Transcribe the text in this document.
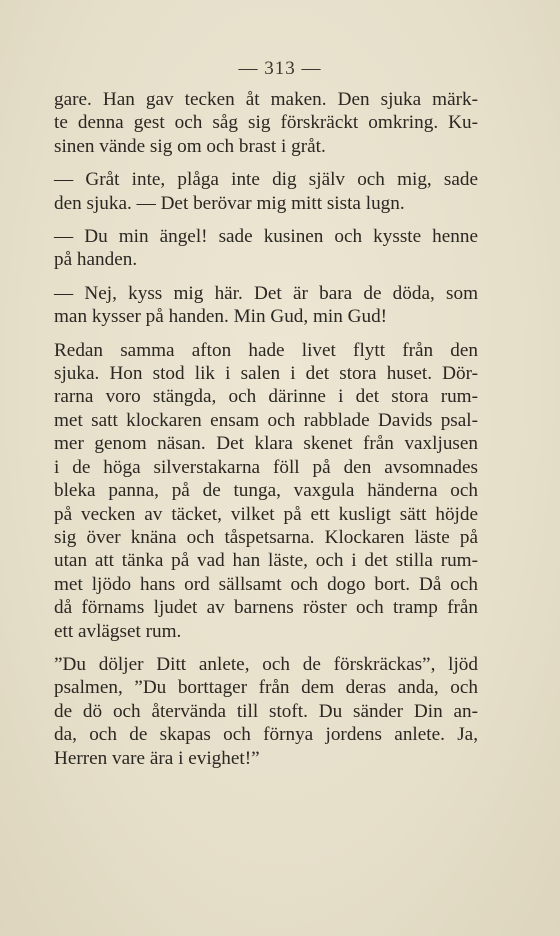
— 313 —
gare. Han gav tecken åt maken. Den sjuka märk-
te denna gest och såg sig förskräckt omkring. Ku-
sinen vände sig om och brast i gråt.
— Gråt inte, plåga inte dig själv och mig, sade
den sjuka. — Det berövar mig mitt sista lugn.
— Du min ängel! sade kusinen och kysste henne
på handen.
— Nej, kyss mig här. Det är bara de döda, som
man kysser på handen. Min Gud, min Gud!
Redan samma afton hade livet flytt från den
sjuka. Hon stod lik i salen i det stora huset. Dör-
rarna voro stängda, och därinne i det stora rum-
met satt klockaren ensam och rabblade Davids psal-
mer genom näsan. Det klara skenet från vaxljusen
i de höga silverstakarna föll på den avsomnades
bleka panna, på de tunga, vaxgula händerna och
på vecken av täcket, vilket på ett kusligt sätt höjde
sig över knäna och tåspetsarna. Klockaren läste på
utan att tänka på vad han läste, och i det stilla rum-
met ljödo hans ord sällsamt och dogo bort. Då och
då förnams ljudet av barnens röster och tramp från
ett avlägset rum.
”Du döljer Ditt anlete, och de förskräckas”, ljöd
psalmen, ”Du borttager från dem deras anda, och
de dö och återvända till stoft. Du sänder Din an-
da, och de skapas och förnya jordens anlete. Ja,
Herren vare ära i evighet!”
